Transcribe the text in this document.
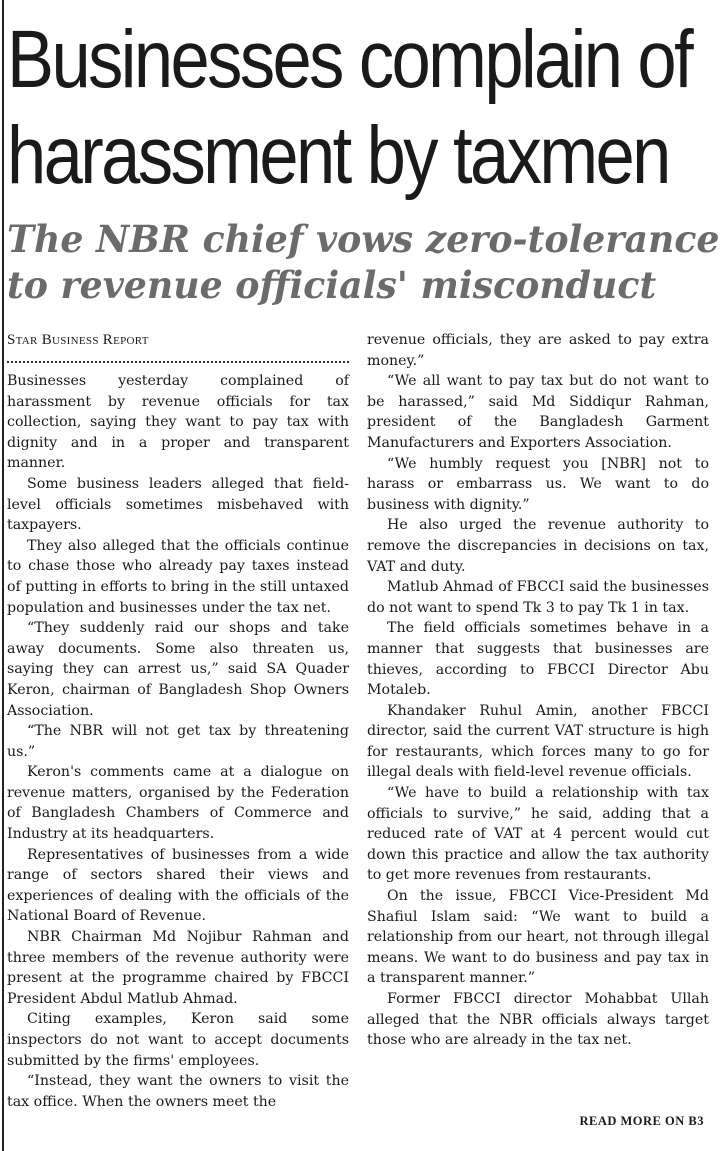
Businesses complain of
harassment by taxmen
The NBR chief vows zero-tolerance
to revenue officials' misconduct
Star Business Report

Businesses yesterday complained of harassment by revenue officials for tax collection, saying they want to pay tax with dignity and in a proper and transparent manner.

Some business leaders alleged that field-level officials sometimes misbehaved with taxpayers.

They also alleged that the officials continue to chase those who already pay taxes instead of putting in efforts to bring in the still untaxed population and businesses under the tax net.

“They suddenly raid our shops and take away documents. Some also threaten us, saying they can arrest us,” said SA Quader Keron, chairman of Bangladesh Shop Owners Association.

“The NBR will not get tax by threatening us.”

Keron's comments came at a dialogue on revenue matters, organised by the Federation of Bangladesh Chambers of Commerce and Industry at its headquarters.

Representatives of businesses from a wide range of sectors shared their views and experiences of dealing with the officials of the National Board of Revenue.

NBR Chairman Md Nojibur Rahman and three members of the revenue authority were present at the programme chaired by FBCCI President Abdul Matlub Ahmad.

Citing examples, Keron said some inspectors do not want to accept documents submitted by the firms' employees.

“Instead, they want the owners to visit the tax office. When the owners meet the

revenue officials, they are asked to pay extra money.”

“We all want to pay tax but do not want to be harassed,” said Md Siddiqur Rahman, president of the Bangladesh Garment Manufacturers and Exporters Association.

“We humbly request you [NBR] not to harass or embarrass us. We want to do business with dignity.”

He also urged the revenue authority to remove the discrepancies in decisions on tax, VAT and duty.

Matlub Ahmad of FBCCI said the businesses do not want to spend Tk 3 to pay Tk 1 in tax.

The field officials sometimes behave in a manner that suggests that businesses are thieves, according to FBCCI Director Abu Motaleb.

Khandaker Ruhul Amin, another FBCCI director, said the current VAT structure is high for restaurants, which forces many to go for illegal deals with field-level revenue officials.

“We have to build a relationship with tax officials to survive,” he said, adding that a reduced rate of VAT at 4 percent would cut down this practice and allow the tax authority to get more revenues from restaurants.

On the issue, FBCCI Vice-President Md Shafiul Islam said: “We want to build a relationship from our heart, not through illegal means. We want to do business and pay tax in a transparent manner.”

Former FBCCI director Mohabbat Ullah alleged that the NBR officials always target those who are already in the tax net.

READ MORE ON B3
